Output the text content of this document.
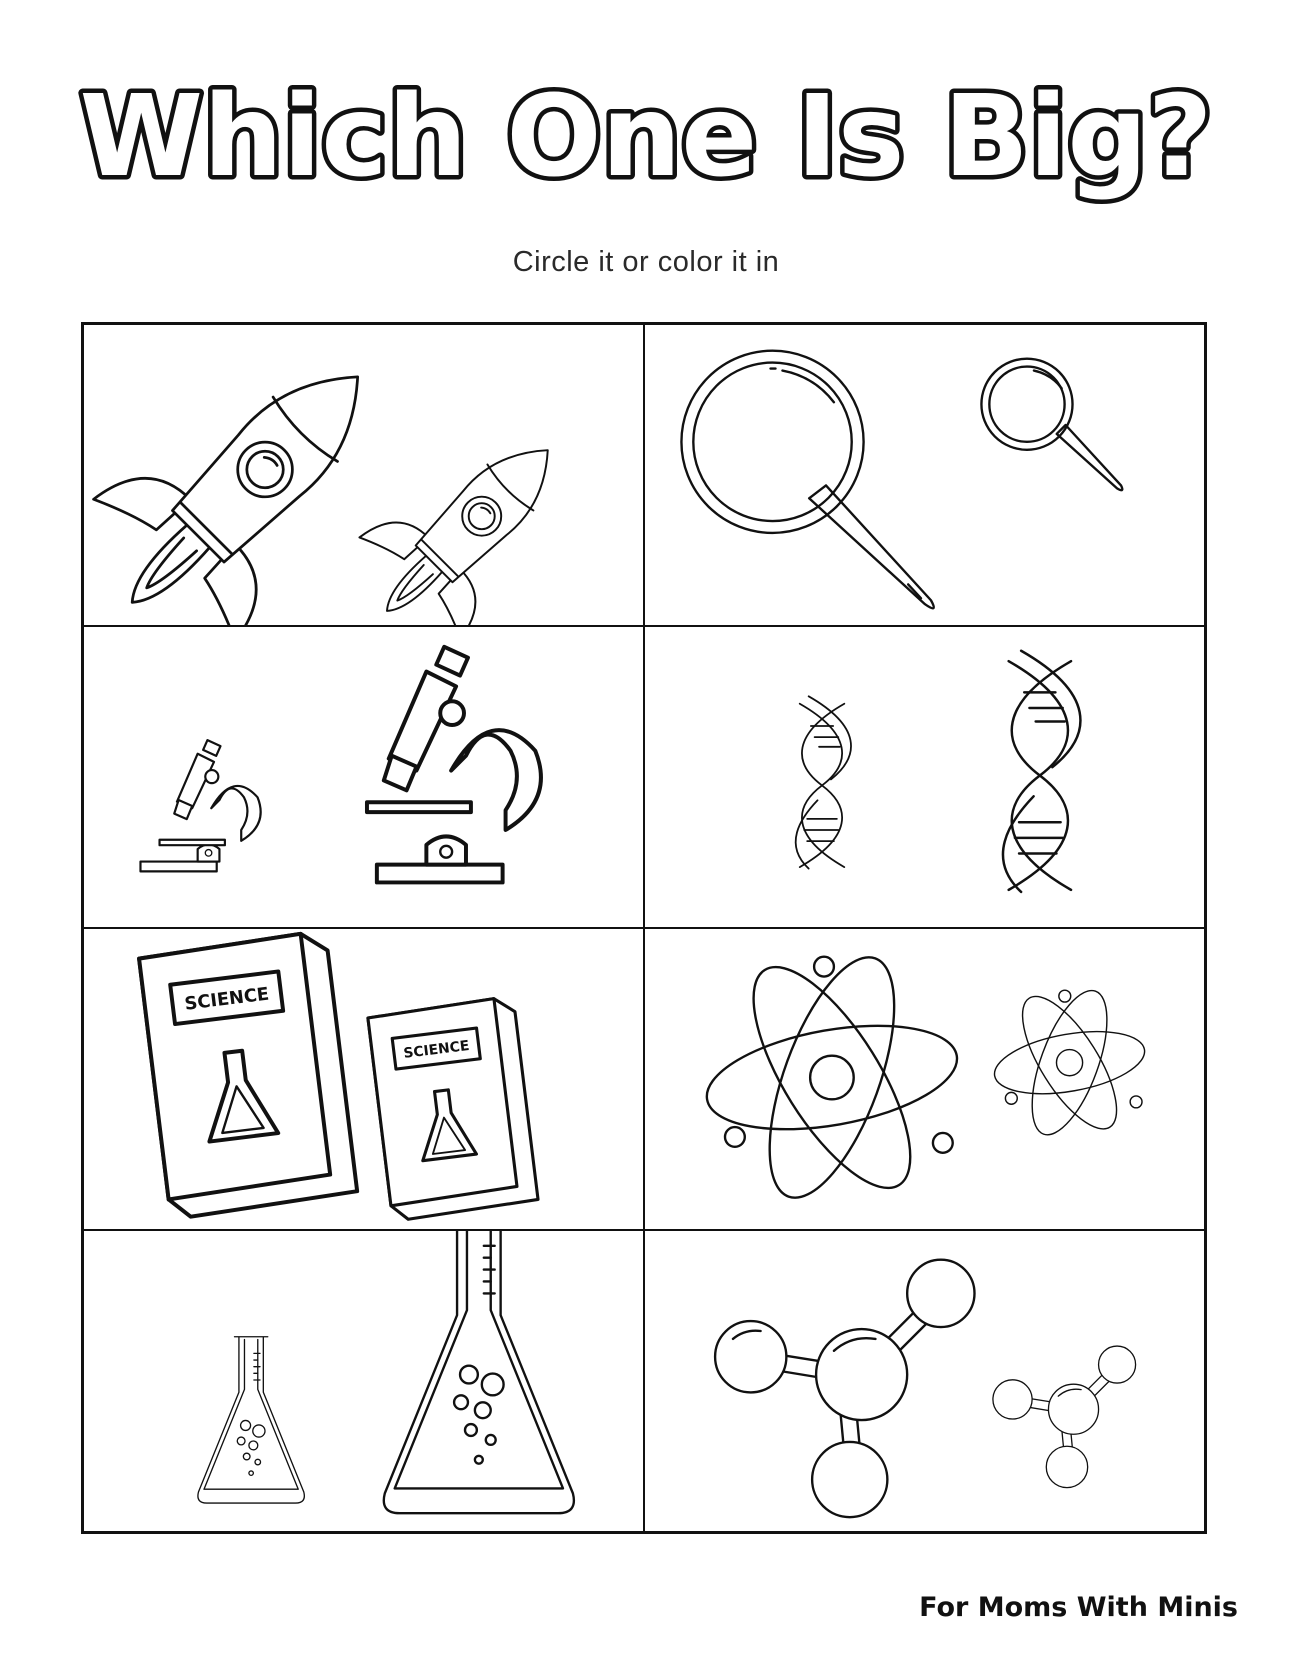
Which One Is Big?
Circle it or color it in
SCIENCE
SCIENCE
For Moms With Minis
